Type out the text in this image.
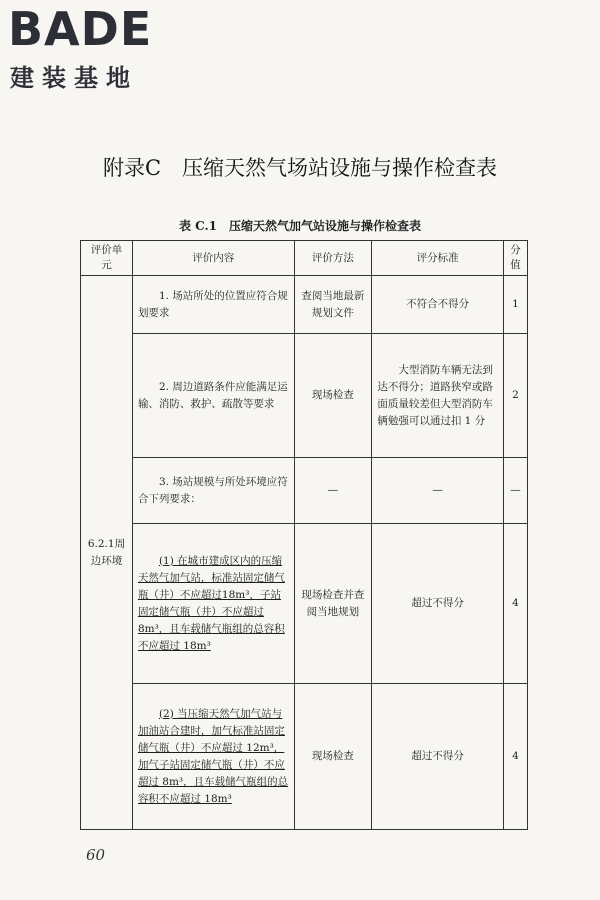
BADE
建装基地
附录C　压缩天然气场站设施与操作检查表
表 C.1　压缩天然气加气站设施与操作检查表
评价单元	评价内容	评价方法	评分标准	分值
6.2.1周边环境	1. 场站所处的位置应符合规划要求	查阅当地最新规划文件	不符合不得分	1
	2. 周边道路条件应能满足运输、消防、救护、疏散等要求	现场检查	大型消防车辆无法到达不得分；道路狭窄或路面质量较差但大型消防车辆勉强可以通过扣 1 分	2
	3. 场站规模与所处环境应符合下列要求：	—	—	—
	(1) 在城市建成区内的压缩天然气加气站，标准站固定储气瓶（井）不应超过18m³，子站固定储气瓶（井）不应超过 8m³，且车载储气瓶组的总容积不应超过 18m³	现场检查并查阅当地规划	超过不得分	4
	(2) 当压缩天然气加气站与加油站合建时，加气标准站固定储气瓶（井）不应超过 12m³，加气子站固定储气瓶（井）不应超过 8m³，且车载储气瓶组的总容积不应超过 18m³	现场检查	超过不得分	4
60
